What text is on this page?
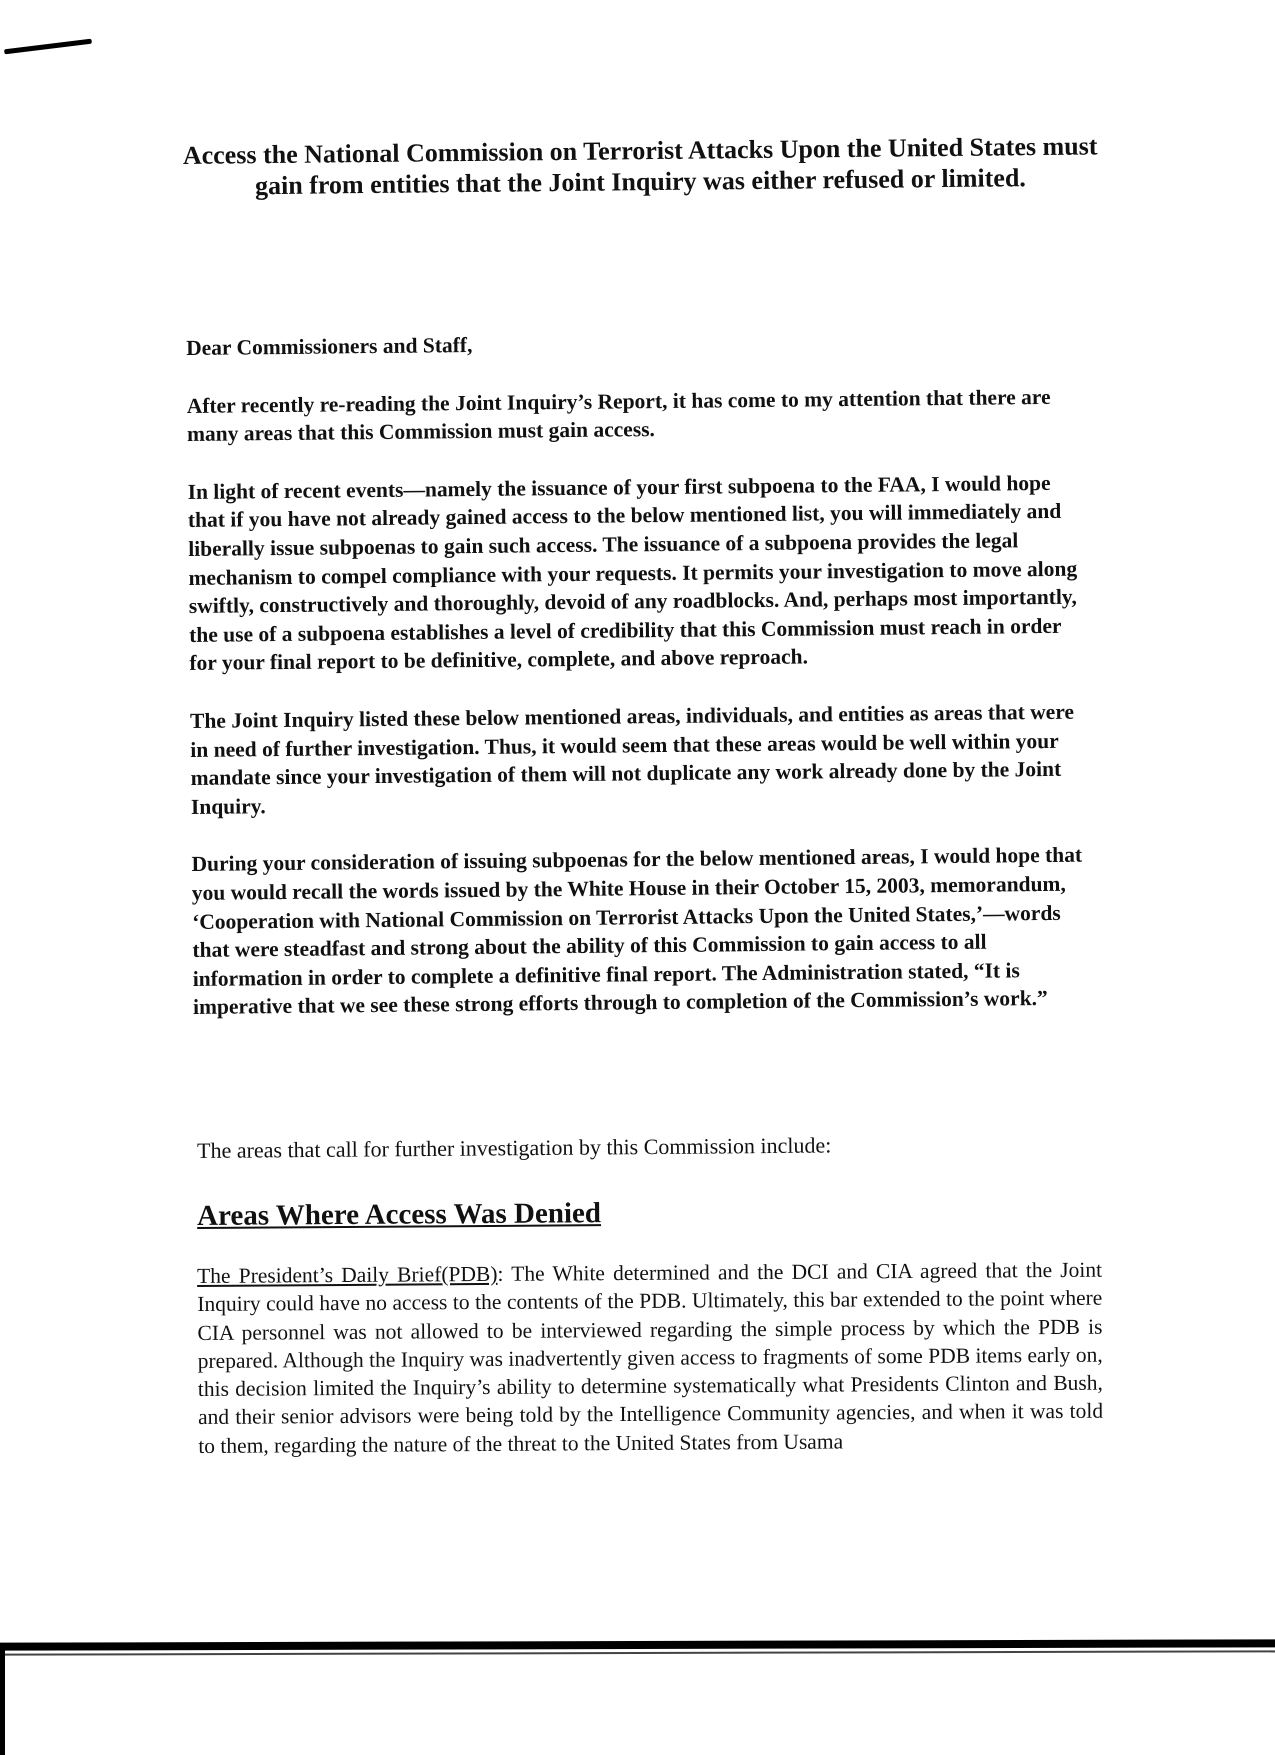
Access the National Commission on Terrorist Attacks Upon the United States must gain from entities that the Joint Inquiry was either refused or limited.

Dear Commissioners and Staff,

After recently re-reading the Joint Inquiry’s Report, it has come to my attention that there are many areas that this Commission must gain access.

In light of recent events—namely the issuance of your first subpoena to the FAA, I would hope that if you have not already gained access to the below mentioned list, you will immediately and liberally issue subpoenas to gain such access. The issuance of a subpoena provides the legal mechanism to compel compliance with your requests. It permits your investigation to move along swiftly, constructively and thoroughly, devoid of any roadblocks. And, perhaps most importantly, the use of a subpoena establishes a level of credibility that this Commission must reach in order for your final report to be definitive, complete, and above reproach.

The Joint Inquiry listed these below mentioned areas, individuals, and entities as areas that were in need of further investigation. Thus, it would seem that these areas would be well within your mandate since your investigation of them will not duplicate any work already done by the Joint Inquiry.

During your consideration of issuing subpoenas for the below mentioned areas, I would hope that you would recall the words issued by the White House in their October 15, 2003, memorandum, ‘Cooperation with National Commission on Terrorist Attacks Upon the United States,’—words that were steadfast and strong about the ability of this Commission to gain access to all information in order to complete a definitive final report. The Administration stated, “It is imperative that we see these strong efforts through to completion of the Commission’s work.”

The areas that call for further investigation by this Commission include:
Areas Where Access Was Denied
The President’s Daily Brief(PDB): The White determined and the DCI and CIA agreed that the Joint Inquiry could have no access to the contents of the PDB. Ultimately, this bar extended to the point where CIA personnel was not allowed to be interviewed regarding the simple process by which the PDB is prepared. Although the Inquiry was inadvertently given access to fragments of some PDB items early on, this decision limited the Inquiry’s ability to determine systematically what Presidents Clinton and Bush, and their senior advisors were being told by the Intelligence Community agencies, and when it was told to them, regarding the nature of the threat to the United States from Usama
